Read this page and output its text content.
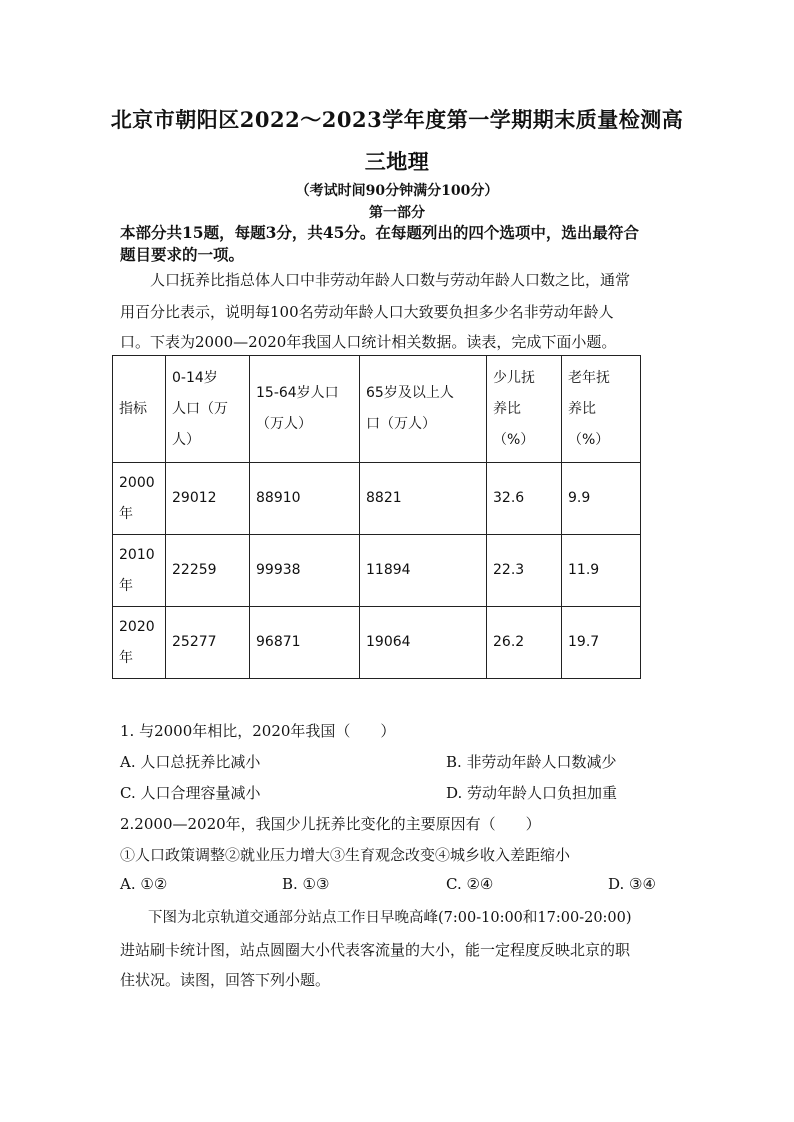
北京市朝阳区2022～2023学年度第一学期期末质量检测高
三地理
（考试时间90分钟满分100分）
第一部分
本部分共15题，每题3分，共45分。在每题列出的四个选项中，选出最符合
题目要求的一项。
人口抚养比指总体人口中非劳动年龄人口数与劳动年龄人口数之比，通常
用百分比表示，说明每100名劳动年龄人口大致要负担多少名非劳动年龄人
口。下表为2000—2020年我国人口统计相关数据。读表，完成下面小题。
指标	0-14岁
人口（万
人）	15-64岁人口
（万人）	65岁及以上人
口（万人）	少儿抚
养比
（%）	老年抚
养比
（%）
2000
年	29012	88910	8821	32.6	9.9
2010
年	22259	99938	11894	22.3	11.9
2020
年	25277	96871	19064	26.2	19.7
1. 与2000年相比，2020年我国（　　）
A. 人口总抚养比减小	B. 非劳动年龄人口数减少
C. 人口合理容量减小	D. 劳动年龄人口负担加重
2.2000—2020年，我国少儿抚养比变化的主要原因有（　　）
①人口政策调整②就业压力增大③生育观念改变④城乡收入差距缩小
A. ①②	B. ①③	C. ②④	D. ③④
下图为北京轨道交通部分站点工作日早晚高峰(7:00-10:00和17:00-20:00)
进站刷卡统计图，站点圆圈大小代表客流量的大小，能一定程度反映北京的职
住状况。读图，回答下列小题。
